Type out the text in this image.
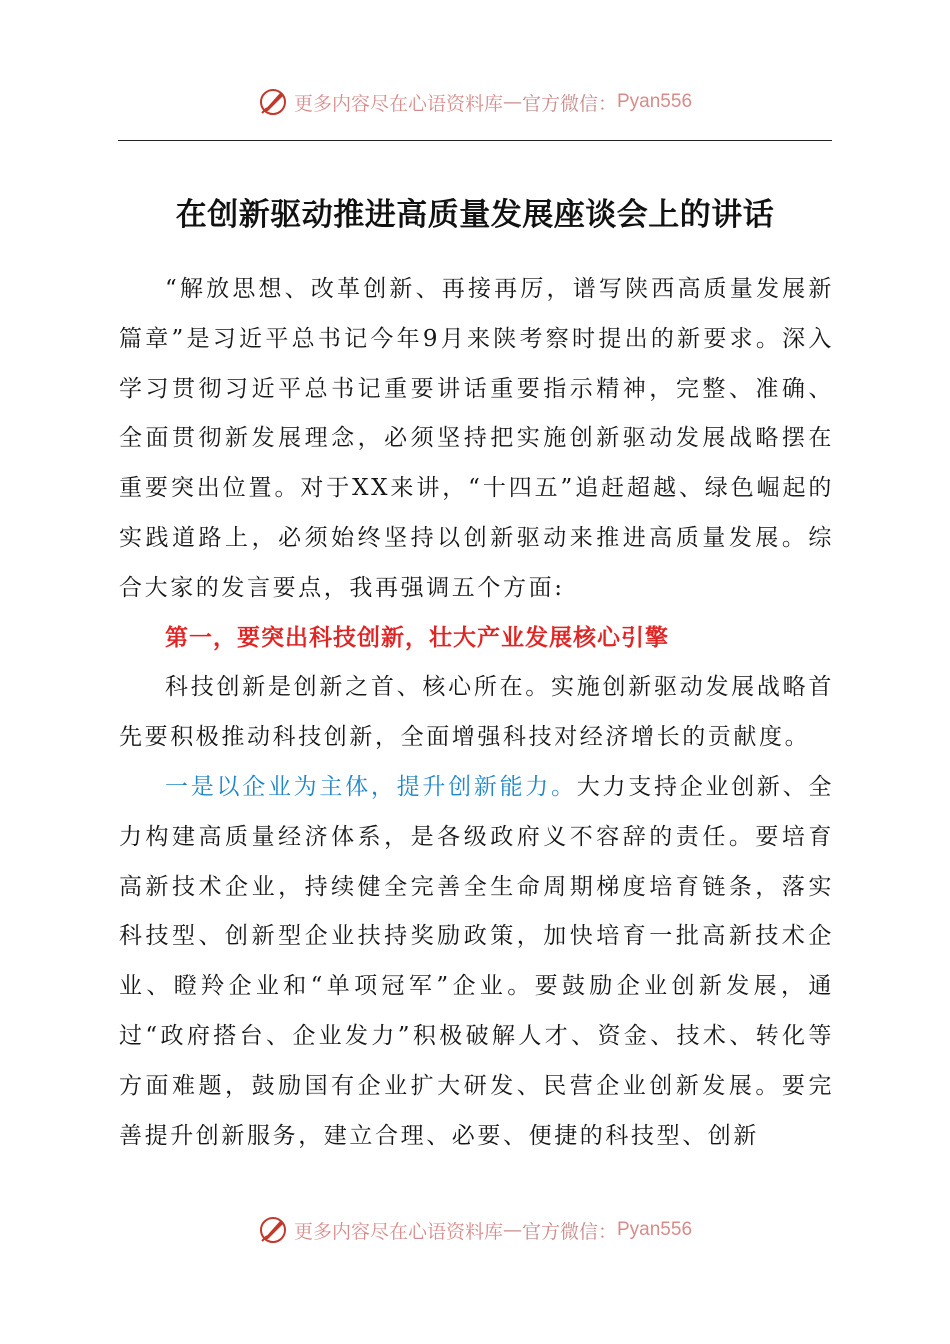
更多内容尽在心语资料库 — 官方微信： Pyan556
在创新驱动推进高质量发展座谈会上的讲话

“解放思想、改革创新、再接再厉，谱写陕西高质量发展新篇章”是习近平总书记今年9月来陕考察时提出的新要求。深入学习贯彻习近平总书记重要讲话重要指示精神，完整、准确、全面贯彻新发展理念，必须坚持把实施创新驱动发展战略摆在重要突出位置。对于XX来讲，“十四五”追赶超越、绿色崛起的实践道路上，必须始终坚持以创新驱动来推进高质量发展。综合大家的发言要点，我再强调五个方面:

第一，要突出科技创新，壮大产业发展核心引擎

科技创新是创新之首、核心所在。实施创新驱动发展战略首先要积极推动科技创新，全面增强科技对经济增长的贡献度。

一是以企业为主体，提升创新能力。大力支持企业创新、全力构建高质量经济体系，是各级政府义不容辞的责任。要培育高新技术企业，持续健全完善全生命周期梯度培育链条，落实科技型、创新型企业扶持奖励政策，加快培育一批高新技术企业、瞪羚企业和“单项冠军”企业。要鼓励企业创新发展，通过“政府搭台、企业发力”积极破解人才、资金、技术、转化等方面难题，鼓励国有企业扩大研发、民营企业创新发展。要完善提升创新服务，建立合理、必要、便捷的科技型、创新

更多内容尽在心语资料库 — 官方微信： Pyan556
